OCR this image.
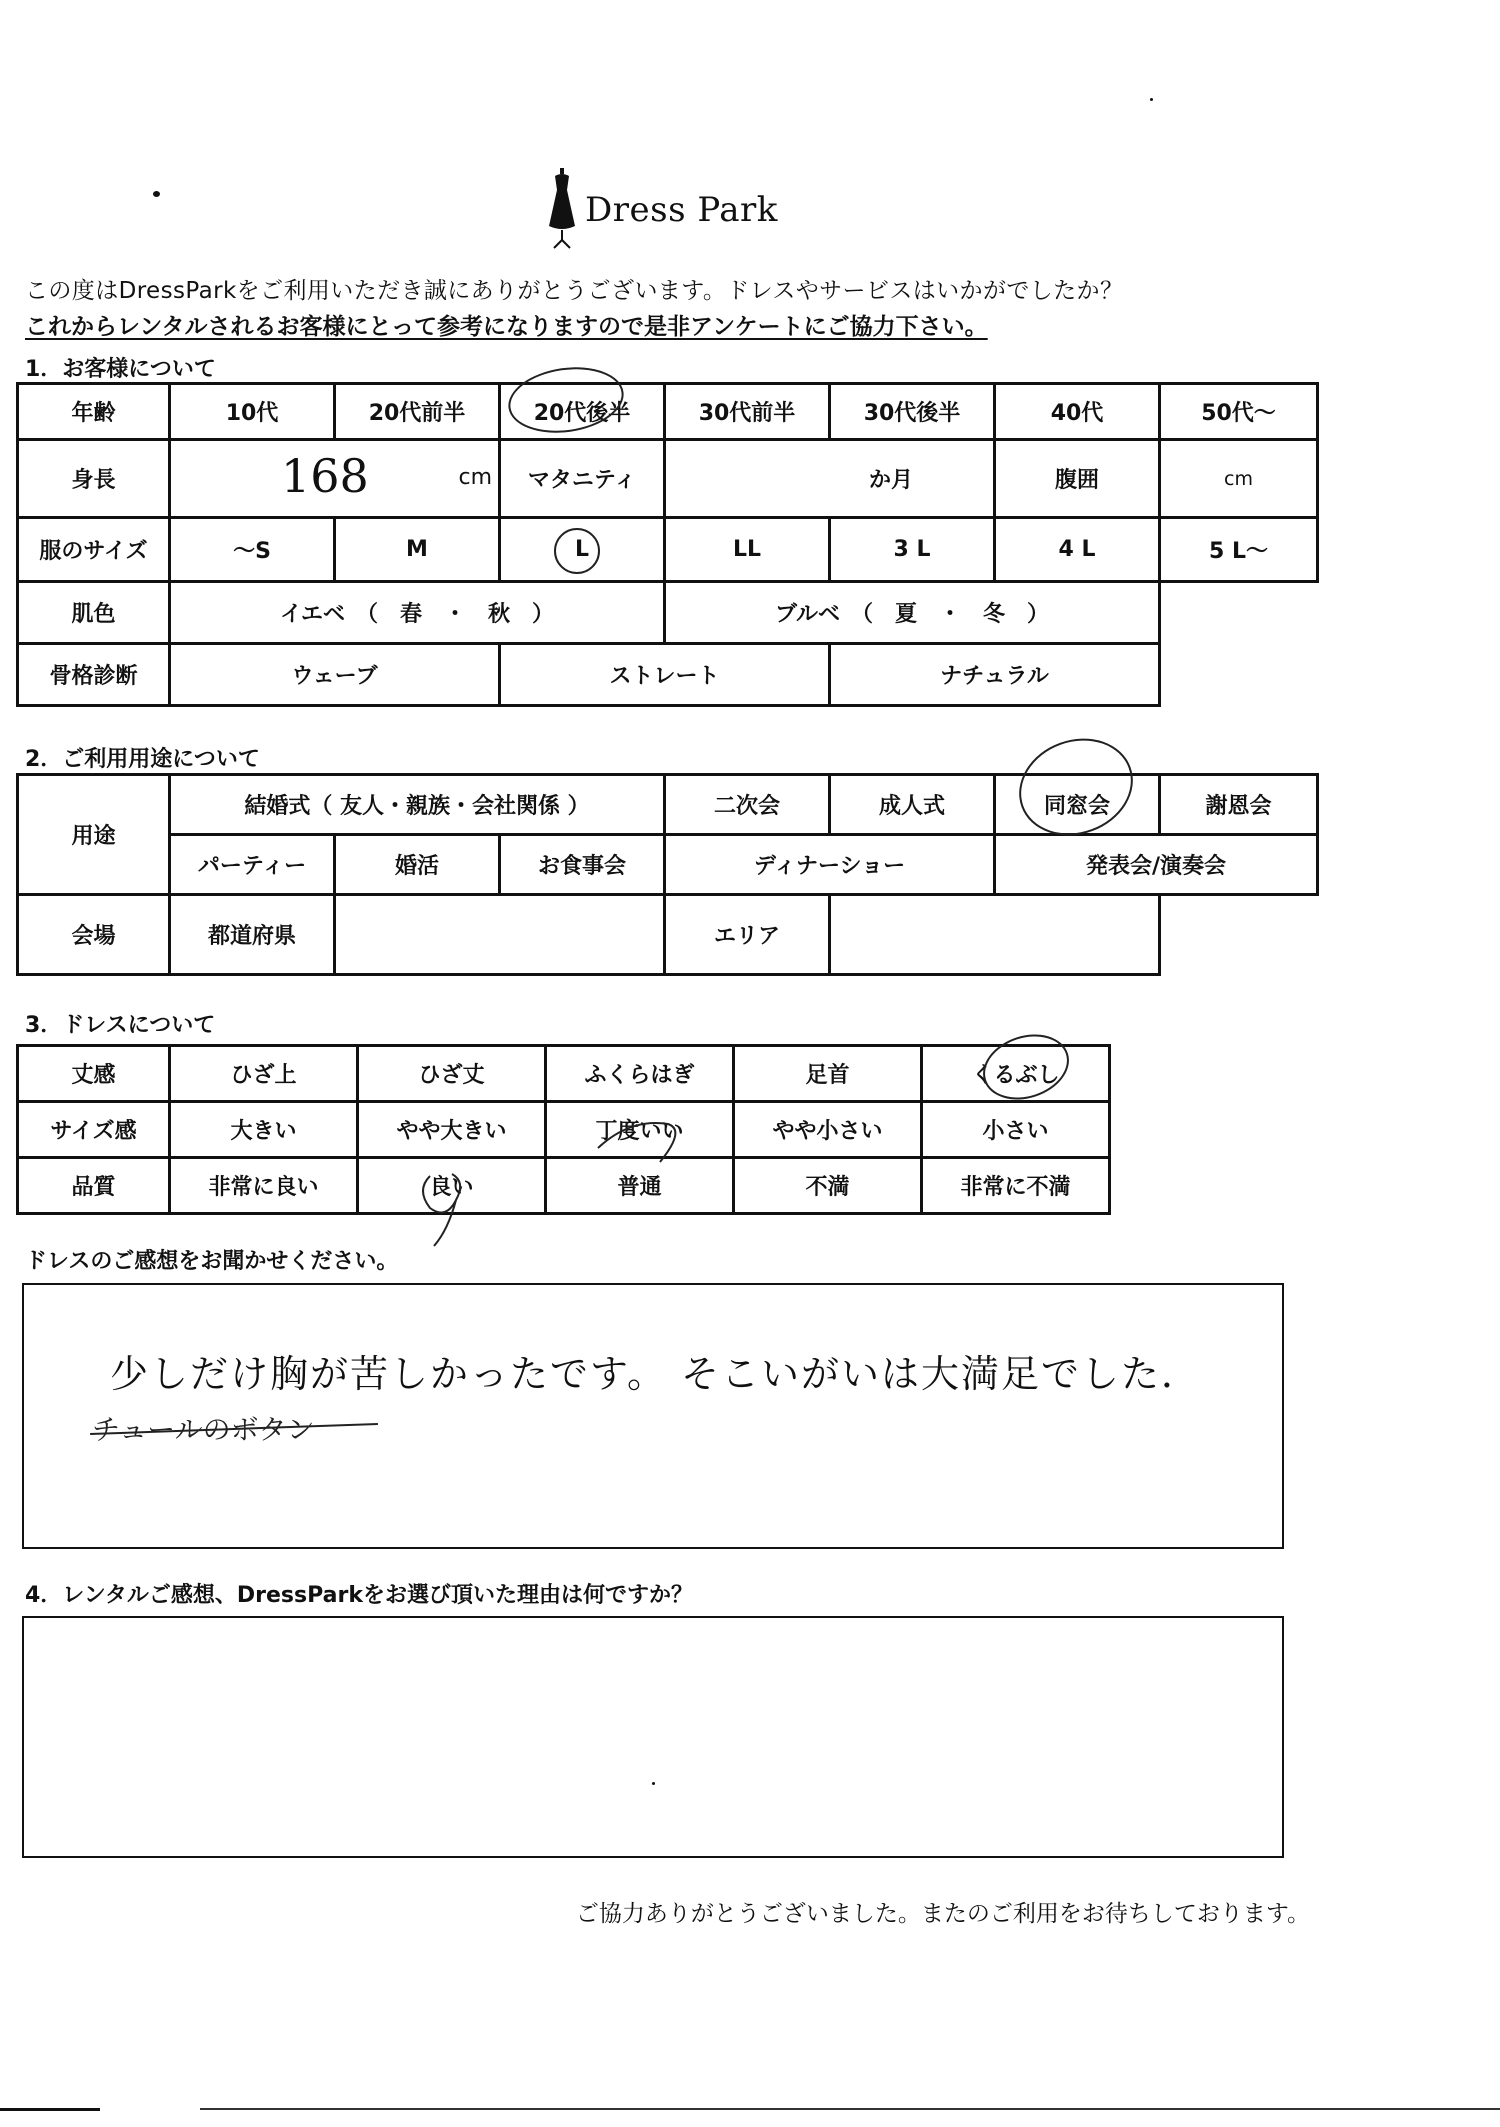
Dress Park
この度はDressParkをご利用いただき誠にありがとうございます。ドレスやサービスはいかがでしたか？
これからレンタルされるお客様にとって参考になりますので是非アンケートにご協力下さい。
1．お客様について
年齢	10代	20代前半	20代後半	30代前半	30代後半	40代	50代～
身長	168 cm		マタニティ	か月		腹囲	cm
服のサイズ	～S	M	L	LL	3 L	4 L	5 L～
肌色	イエベ　（　春　・　秋　）			ブルベ　（　夏　・　冬　）			
骨格診断	ウェーブ		ストレート		ナチュラル		
2．ご利用用途について
用途	結婚式（ 友人・親族・会社関係 ）			二次会	成人式	同窓会	謝恩会
	パーティー	婚活	お食事会	ディナーショー		発表会/演奏会	
会場	都道府県			エリア			
3．ドレスについて
丈感	ひざ上	ひざ丈	ふくらはぎ	足首	くるぶし
サイズ感	大きい	やや大きい	丁度いい	やや小さい	小さい
品質	非常に良い	良い	普通	不満	非常に不満
ドレスのご感想をお聞かせください。
少しだけ胸が苦しかったです。 そこいがいは大満足でした．
チュールのボタン
4．レンタルご感想、DressParkをお選び頂いた理由は何ですか？
ご協力ありがとうございました。またのご利用をお待ちしております。
